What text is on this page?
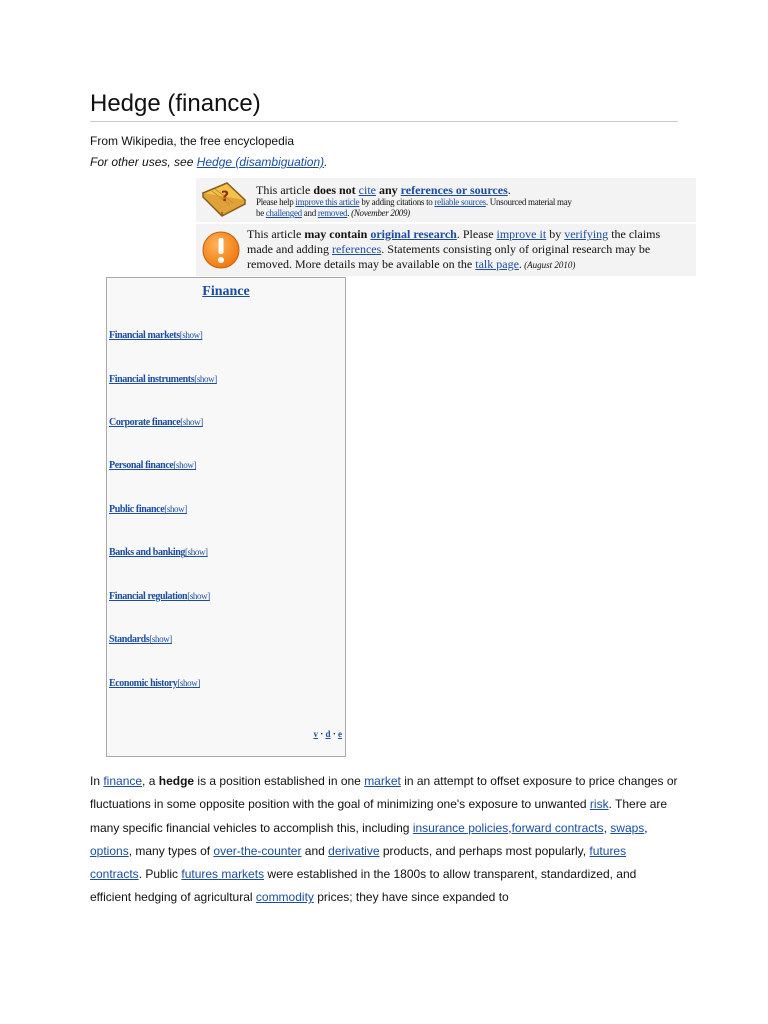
Hedge (finance)
From Wikipedia, the free encyclopedia
For other uses, see Hedge (disambiguation).
? This article does not cite any references or sources.
Please help improve this article by adding citations to reliable sources. Unsourced material may
be challenged and removed. (November 2009)
This article may contain original research. Please improve it by verifying the claims made and adding references. Statements consisting only of original research may be removed. More details may be available on the talk page. (August 2010)
Finance
Financial markets[show]
Financial instruments[show]
Corporate finance[show]
Personal finance[show]
Public finance[show]
Banks and banking[show]
Financial regulation[show]
Standards[show]
Economic history[show]
v · d · e
In finance, a hedge is a position established in one market in an attempt to offset exposure to price changes or fluctuations in some opposite position with the goal of minimizing one's exposure to unwanted risk. There are many specific financial vehicles to accomplish this, including insurance policies,forward contracts, swaps, options, many types of over-the-counter and derivative products, and perhaps most popularly, futures contracts. Public futures markets were established in the 1800s to allow transparent, standardized, and efficient hedging of agricultural commodity prices; they have since expanded to
